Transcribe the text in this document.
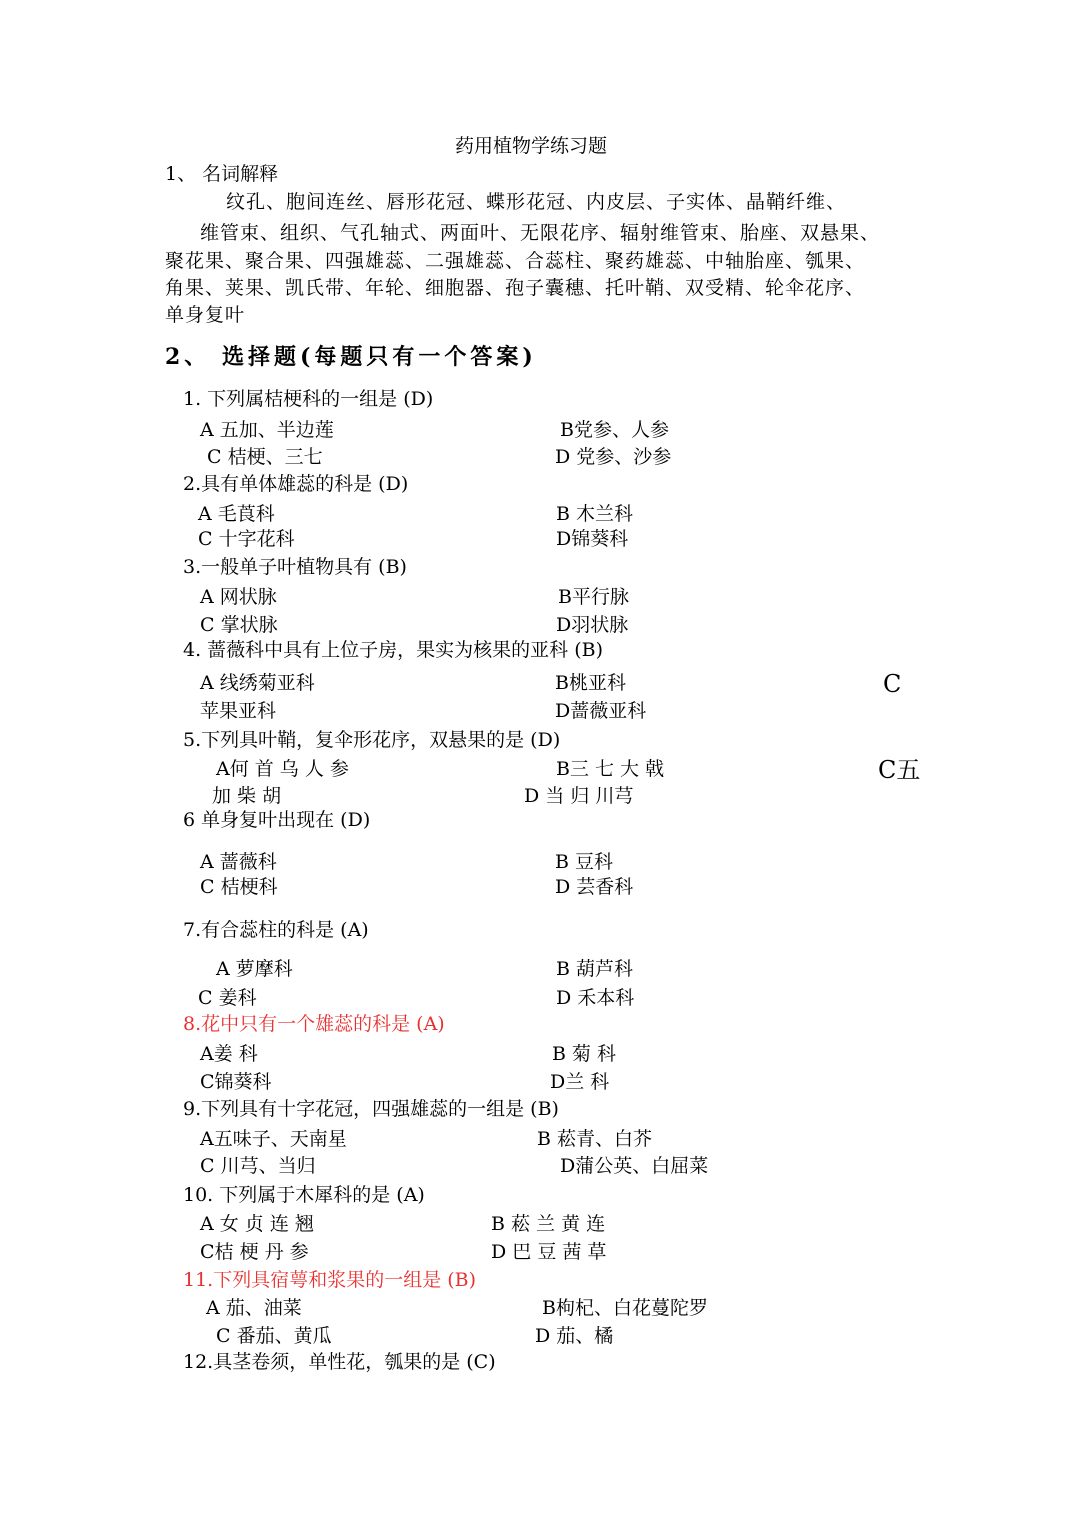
药用植物学练习题
1、 名词解释
纹孔、胞间连丝、唇形花冠、蝶形花冠、内皮层、子实体、晶鞘纤维、
维管束、组织、气孔轴式、两面叶、无限花序、辐射维管束、胎座、双悬果、
聚花果、聚合果、四强雄蕊、二强雄蕊、合蕊柱、聚药雄蕊、中轴胎座、瓠果、
角果、荚果、凯氏带、年轮、细胞器、孢子囊穗、托叶鞘、双受精、轮伞花序、
单身复叶
2、 选择题(每题只有一个答案)
1. 下列属桔梗科的一组是 (D)
A 五加、半边莲	B党参、人参
C 桔梗、三七	D 党参、沙参
2.具有单体雄蕊的科是 (D)
A 毛莨科	B 木兰科
C 十字花科	D锦葵科
3.一般单子叶植物具有 (B)
A 网状脉	B平行脉
C 掌状脉	D羽状脉
4. 蔷薇科中具有上位子房，果实为核果的亚科 (B)
A 线绣菊亚科	B桃亚科	C
苹果亚科	D蔷薇亚科
5.下列具叶鞘，复伞形花序，双悬果的是 (D)
A何 首 乌 人 参	B三 七 大 戟	C五
加 柴 胡	D 当 归 川芎
6 单身复叶出现在 (D)
A 蔷薇科	B 豆科
C 桔梗科	D 芸香科
7.有合蕊柱的科是 (A)
A 萝摩科	B 葫芦科
C 姜科	D 禾本科
8.花中只有一个雄蕊的科是 (A)
A姜 科	B 菊 科
C锦葵科	D兰 科
9.下列具有十字花冠，四强雄蕊的一组是 (B)
A五味子、天南星	B 菘青、白芥
C 川芎、当归	D蒲公英、白屈菜
10. 下列属于木犀科的是 (A)
A 女 贞 连 翘	B 菘 兰 黄 连
C桔 梗 丹 参	D 巴 豆 茜 草
11.下列具宿萼和浆果的一组是 (B)
A 茄、油菜	B枸杞、白花蔓陀罗
C 番茄、黄瓜	D 茄、橘
12.具茎卷须，单性花，瓠果的是 (C)
